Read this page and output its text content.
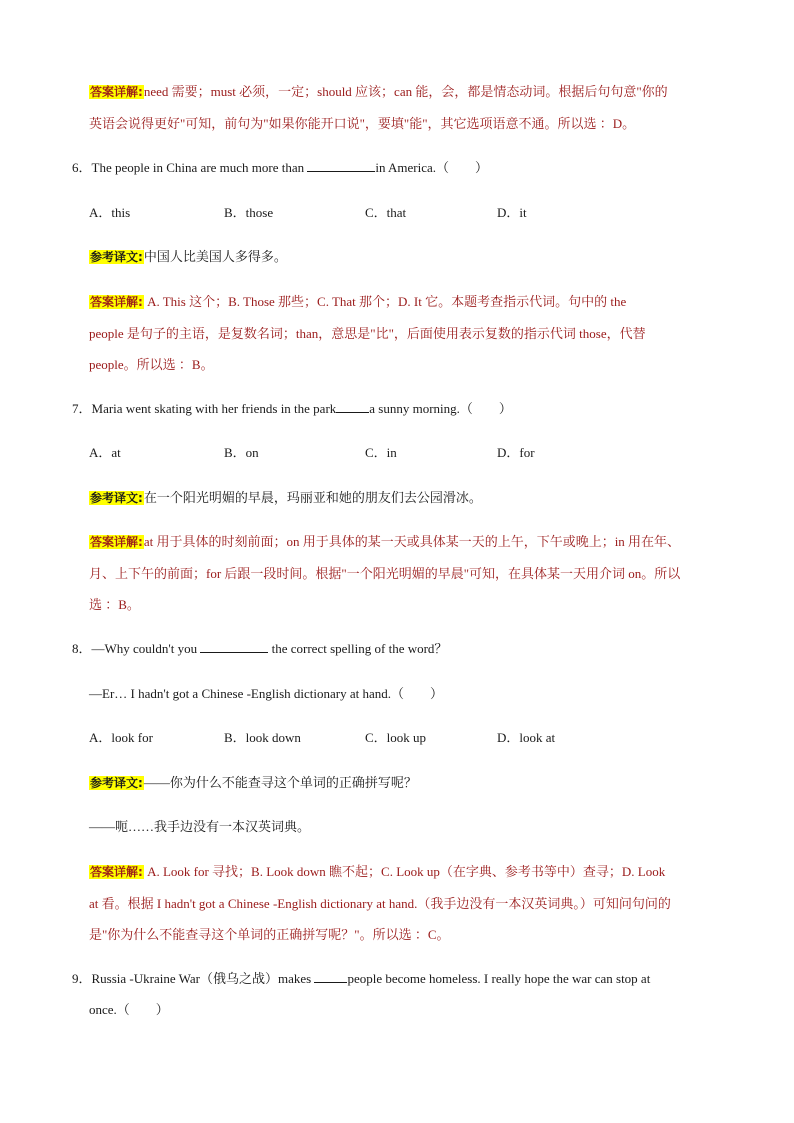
答案详解:need 需要；must 必须，一定；should 应该；can 能，会，都是情态动词。根据后句句意"你的
英语会说得更好"可知，前句为"如果你能开口说"，要填"能"，其它选项语意不通。所以选 ：D。
6．The people in China are much more than	in America.（　　）
A．this	B．those	C．that	D．it
参考译文:中国人比美国人多得多。
答案详解: A. This 这个；B. Those 那些；C. That 那个；D. It 它。本题考查指示代词。句中的 the
people 是句子的主语，是复数名词；than，意思是"比"，后面使用表示复数的指示代词 those，代替
people。所以选 ：B。
7．Maria went skating with her friends in the park	a sunny morning.（　　）
A．at	B．on	C．in	D．for
参考译文:在一个阳光明媚的早晨，玛丽亚和她的朋友们去公园滑冰。
答案详解:at 用于具体的时刻前面；on 用于具体的某一天或具体某一天的上午，下午或晚上；in 用在年、
月、上下午的前面；for 后跟一段时间。根据"一个阳光明媚的早晨"可知，在具体某一天用介词 on。所以
选 ：B。
8．—Why couldn't you	the correct spelling of the word？
—Er… I hadn't got a Chinese -English dictionary at hand.（　　）
A．look for	B．look down	C．look up	D．look at
参考译文:——你为什么不能查寻这个单词的正确拼写呢？
——呃……我手边没有一本汉英词典。
答案详解: A. Look for 寻找；B. Look down 瞧不起；C. Look up（在字典、参考书等中）查寻；D. Look
at 看。根据 I hadn't got a Chinese -English dictionary at hand.（我手边没有一本汉英词典。）可知问句问的
是"你为什么不能查寻这个单词的正确拼写呢？"。所以选 ：C。
9．Russia -Ukraine War（俄乌之战）makes	people become homeless. I really hope the war can stop at
once.（　　）
